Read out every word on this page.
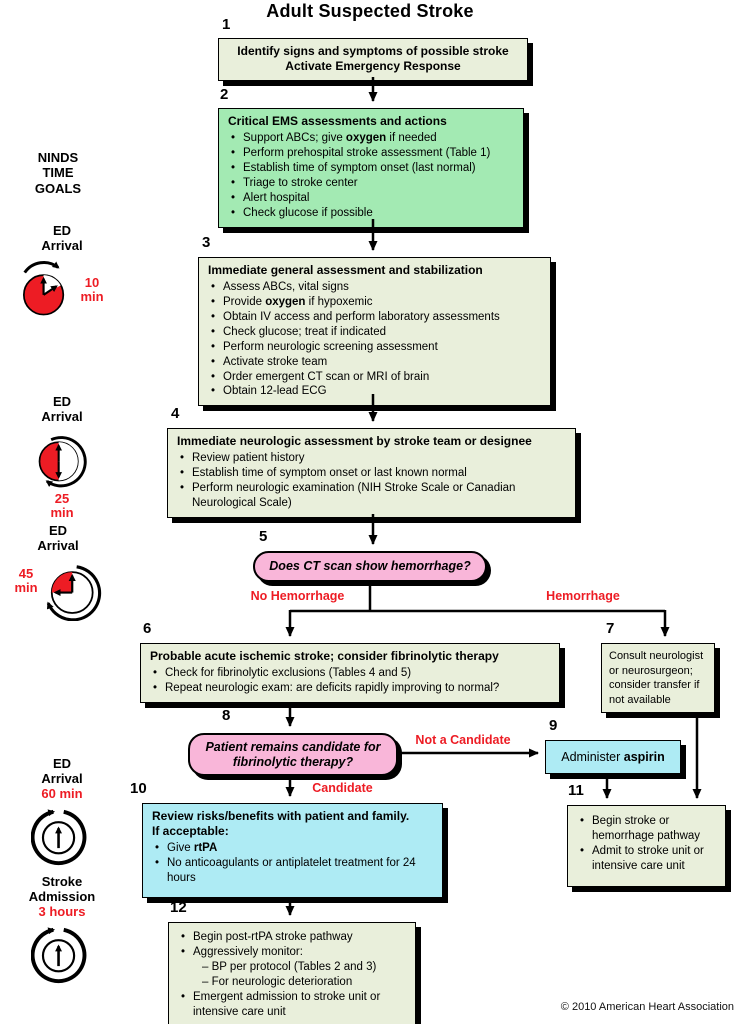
Adult Suspected Stroke
NINDS
TIME
GOALS
ED
Arrival
10 min
ED
Arrival
25 min
ED
Arrival
45 min
ED
Arrival
60 min
Stroke
Admission
3 hours
1
2
3
4
5
6	7
8
9
10	11
12
Identify signs and symptoms of possible stroke
Activate Emergency Response
Critical EMS assessments and actions
• Support ABCs; give oxygen if needed
• Perform prehospital stroke assessment (Table 1)
• Establish time of symptom onset (last normal)
• Triage to stroke center
• Alert hospital
• Check glucose if possible
Immediate general assessment and stabilization
• Assess ABCs, vital signs
• Provide oxygen if hypoxemic
• Obtain IV access and perform laboratory assessments
• Check glucose; treat if indicated
• Perform neurologic screening assessment
• Activate stroke team
• Order emergent CT scan or MRI of brain
• Obtain 12-lead ECG
Immediate neurologic assessment by stroke team or designee
• Review patient history
• Establish time of symptom onset or last known normal
• Perform neurologic examination (NIH Stroke Scale or Canadian Neurological Scale)
Does CT scan show hemorrhage?
No Hemorrhage	Hemorrhage
Probable acute ischemic stroke; consider fibrinolytic therapy
• Check for fibrinolytic exclusions (Tables 4 and 5)
• Repeat neurologic exam: are deficits rapidly improving to normal?
Consult neurologist or neurosurgeon; consider transfer if not available
Patient remains candidate for
fibrinolytic therapy?
Not a Candidate
Candidate
Administer aspirin
Review risks/benefits with patient and family.
If acceptable:
• Give rtPA
• No anticoagulants or antiplatelet treatment for 24 hours
• Begin stroke or hemorrhage pathway
• Admit to stroke unit or intensive care unit
• Begin post-rtPA stroke pathway
• Aggressively monitor:
– BP per protocol (Tables 2 and 3)
– For neurologic deterioration
• Emergent admission to stroke unit or intensive care unit	© 2010 American Heart Association
